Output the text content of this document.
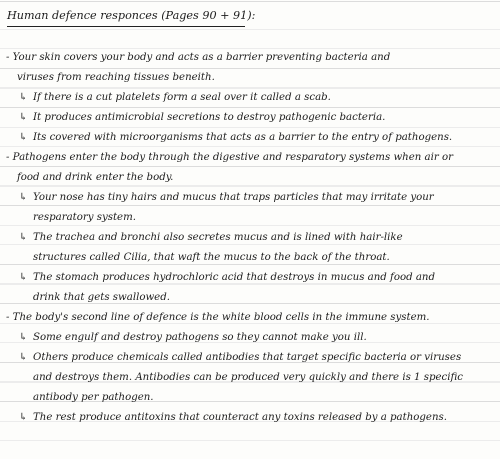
Human defence responces (Pages 90 + 91):
- Your skin covers your body and acts as a barrier preventing bacteria and
viruses from reaching tissues beneith.
↳ If there is a cut platelets form a seal over it called a scab.
↳ It produces antimicrobial secretions to destroy pathogenic bacteria.
↳ Its covered with microorganisms that acts as a barrier to the entry of pathogens.
- Pathogens enter the body through the digestive and resparatory systems when air or
food and drink enter the body.
↳ Your nose has tiny hairs and mucus that traps particles that may irritate your
resparatory system.
↳ The trachea and bronchi also secretes mucus and is lined with hair-like
structures called Cilia, that waft the mucus to the back of the throat.
↳ The stomach produces hydrochloric acid that destroys in mucus and food and
drink that gets swallowed.
- The body's second line of defence is the white blood cells in the immune system.
↳ Some engulf and destroy pathogens so they cannot make you ill.
↳ Others produce chemicals called antibodies that target specific bacteria or viruses
and destroys them. Antibodies can be produced very quickly and there is 1 specific
antibody per pathogen.
↳ The rest produce antitoxins that counteract any toxins released by a pathogens.
